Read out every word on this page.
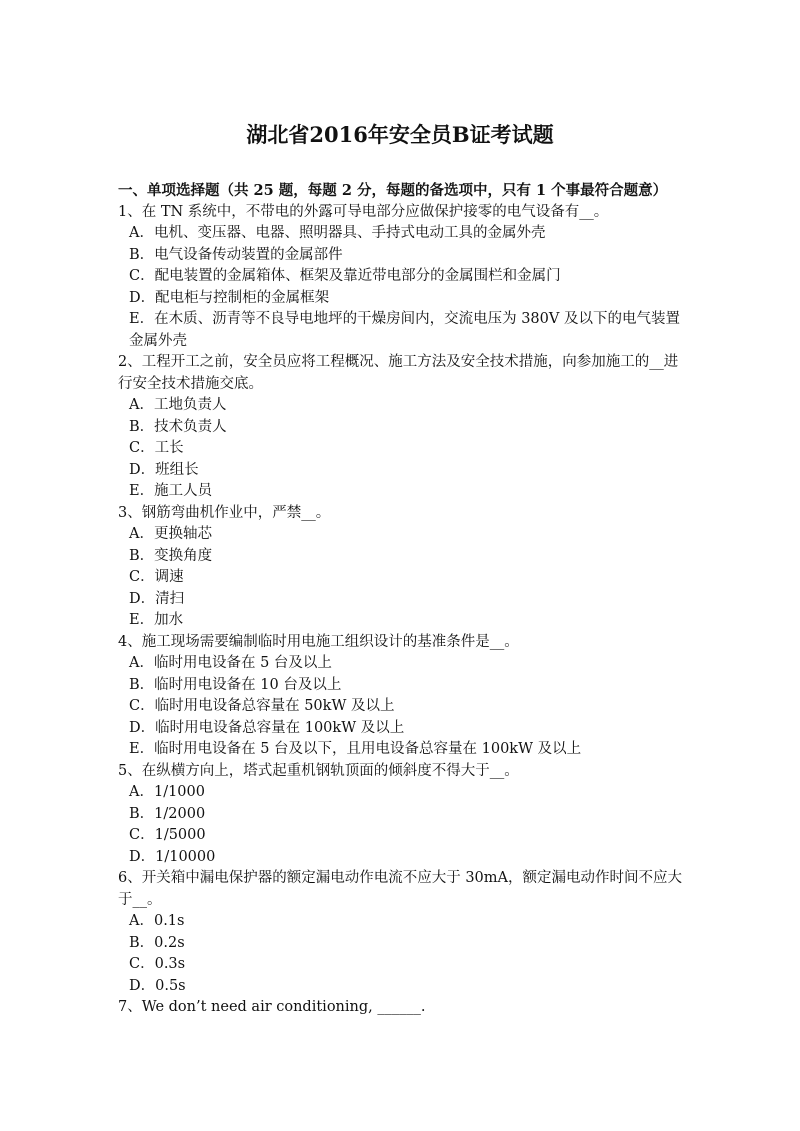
湖北省2016年安全员B证考试题
一、单项选择题（共 25 题，每题 2 分，每题的备选项中，只有 1 个事最符合题意）
1、在 TN 系统中，不带电的外露可导电部分应做保护接零的电气设备有__。
A．电机、变压器、电器、照明器具、手持式电动工具的金属外壳
B．电气设备传动装置的金属部件
C．配电装置的金属箱体、框架及靠近带电部分的金属围栏和金属门
D．配电柜与控制柜的金属框架
E．在木质、沥青等不良导电地坪的干燥房间内，交流电压为 380V 及以下的电气装置金属外壳
2、工程开工之前，安全员应将工程概况、施工方法及安全技术措施，向参加施工的__进行安全技术措施交底。
A．工地负责人
B．技术负责人
C．工长
D．班组长
E．施工人员
3、钢筋弯曲机作业中，严禁__。
A．更换轴芯
B．变换角度
C．调速
D．清扫
E．加水
4、施工现场需要编制临时用电施工组织设计的基准条件是__。
A．临时用电设备在 5 台及以上
B．临时用电设备在 10 台及以上
C．临时用电设备总容量在 50kW 及以上
D．临时用电设备总容量在 100kW 及以上
E．临时用电设备在 5 台及以下，且用电设备总容量在 100kW 及以上
5、在纵横方向上，塔式起重机钢轨顶面的倾斜度不得大于__。
A．1/1000
B．1/2000
C．1/5000
D．1/10000
6、开关箱中漏电保护器的额定漏电动作电流不应大于 30mA，额定漏电动作时间不应大于__。
A．0.1s
B．0.2s
C．0.3s
D．0.5s
7、We don’t need air conditioning, ______.
